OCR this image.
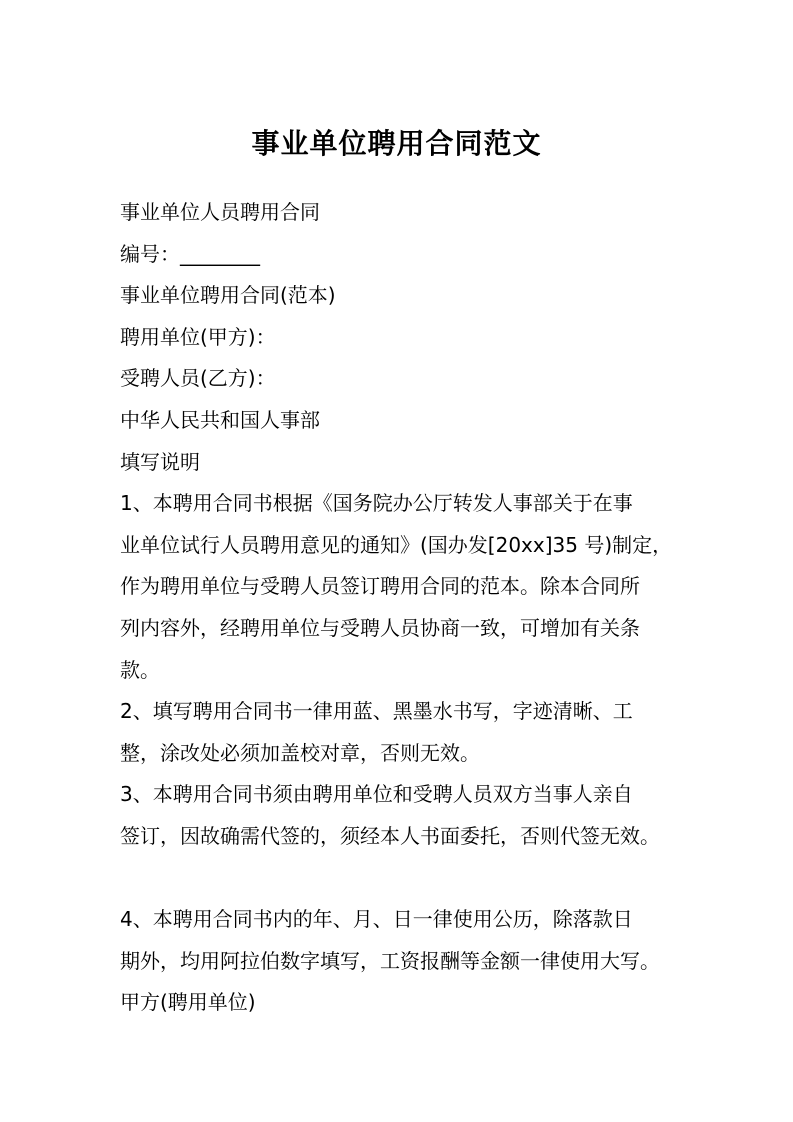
事业单位聘用合同范文

事业单位人员聘用合同

编号：________

事业单位聘用合同(范本)

聘用单位(甲方)：

受聘人员(乙方)：

中华人民共和国人事部

填写说明

1、本聘用合同书根据《国务院办公厅转发人事部关于在事

业单位试行人员聘用意见的通知》(国办发[20xx]35 号)制定，

作为聘用单位与受聘人员签订聘用合同的范本。除本合同所

列内容外，经聘用单位与受聘人员协商一致，可增加有关条

款。

2、填写聘用合同书一律用蓝、黑墨水书写，字迹清晰、工

整，涂改处必须加盖校对章，否则无效。

3、本聘用合同书须由聘用单位和受聘人员双方当事人亲自

签订，因故确需代签的，须经本人书面委托，否则代签无效。

4、本聘用合同书内的年、月、日一律使用公历，除落款日

期外，均用阿拉伯数字填写，工资报酬等金额一律使用大写。

甲方(聘用单位)
